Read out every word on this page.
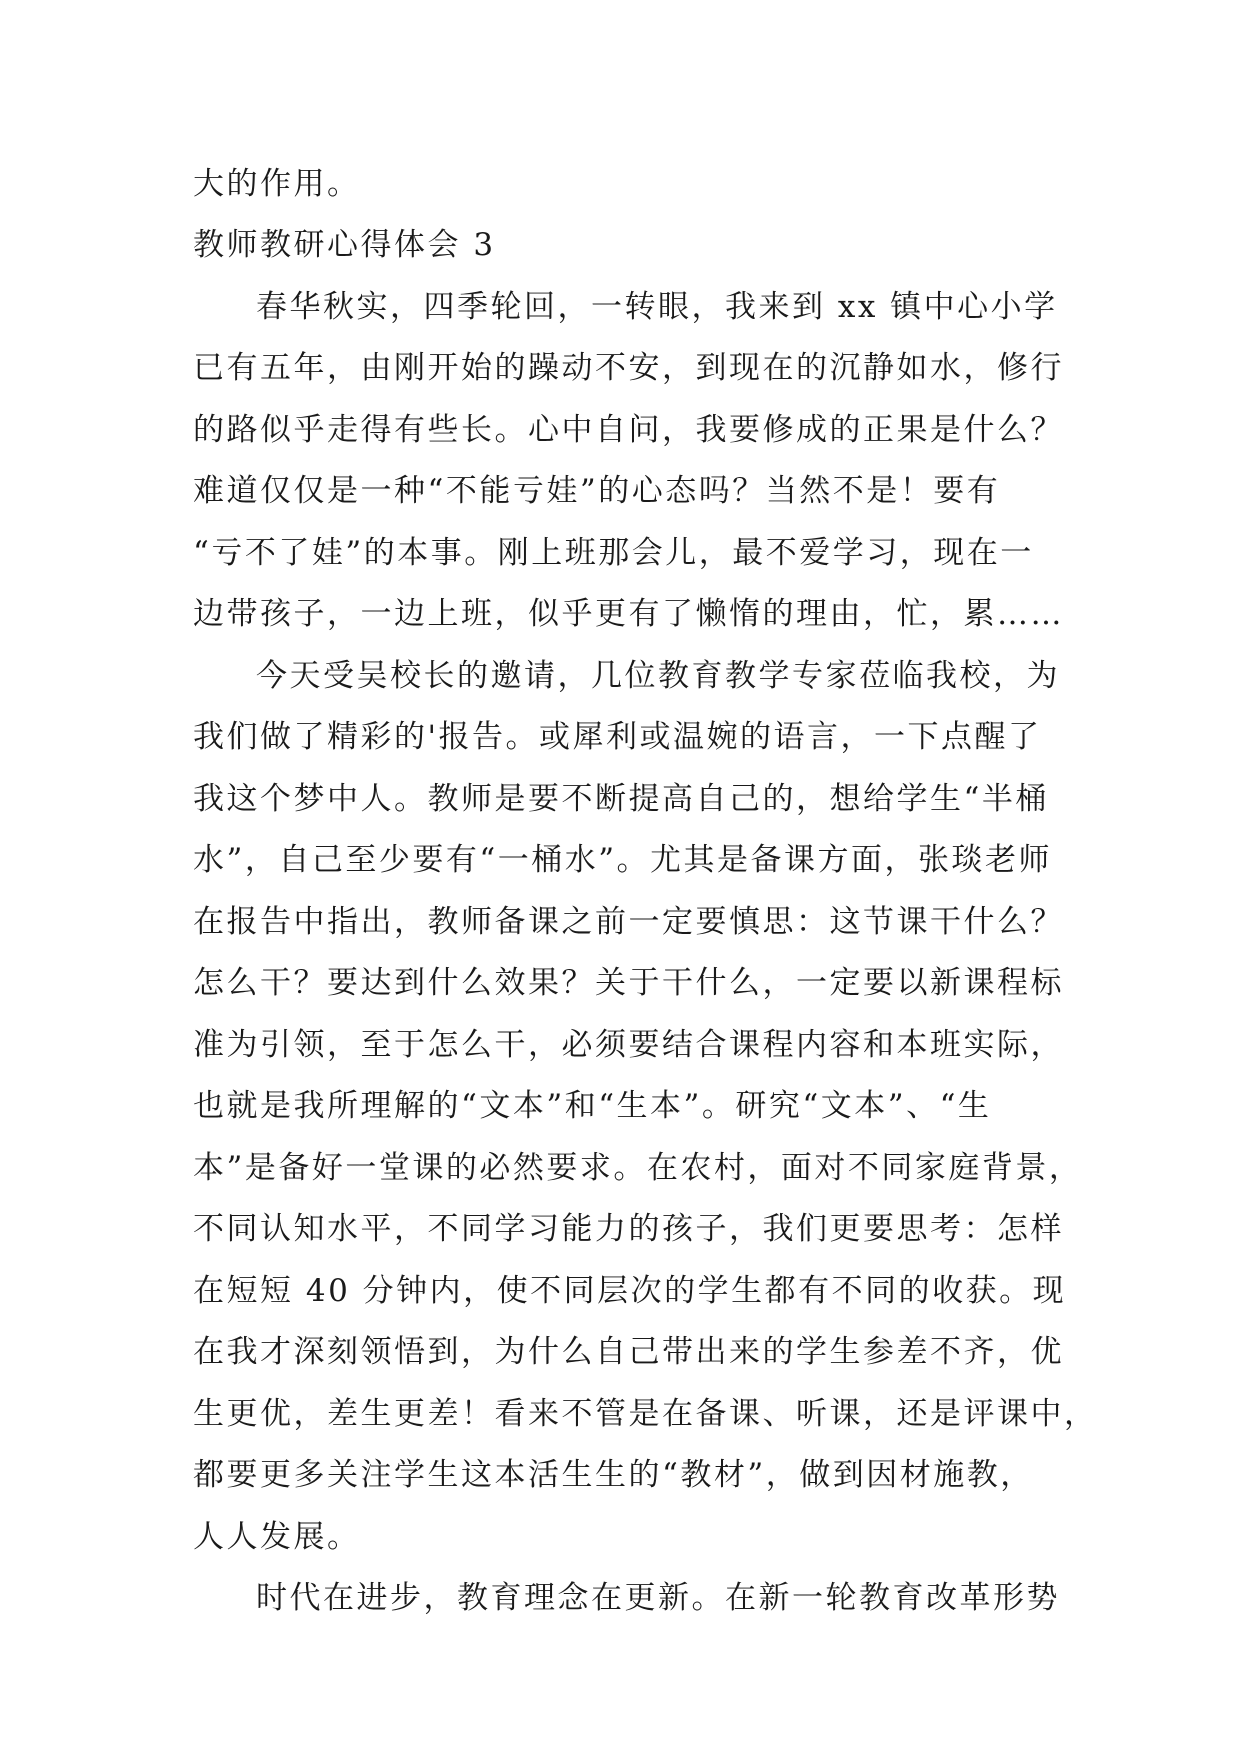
大的作用。

教师教研心得体会 3

春华秋实，四季轮回，一转眼，我来到 xx 镇中心小学

已有五年，由刚开始的躁动不安，到现在的沉静如水，修行

的路似乎走得有些长。心中自问，我要修成的正果是什么？

难道仅仅是一种“不能亏娃”的心态吗？当然不是！要有

“亏不了娃”的本事。刚上班那会儿，最不爱学习，现在一

边带孩子，一边上班，似乎更有了懒惰的理由，忙，累……

今天受吴校长的邀请，几位教育教学专家莅临我校，为

我们做了精彩的'报告。或犀利或温婉的语言，一下点醒了

我这个梦中人。教师是要不断提高自己的，想给学生“半桶

水”，自己至少要有“一桶水”。尤其是备课方面，张琰老师

在报告中指出，教师备课之前一定要慎思：这节课干什么？

怎么干？要达到什么效果？关于干什么，一定要以新课程标

准为引领，至于怎么干，必须要结合课程内容和本班实际，

也就是我所理解的“文本”和“生本”。研究“文本”、“生

本”是备好一堂课的必然要求。在农村，面对不同家庭背景，

不同认知水平，不同学习能力的孩子，我们更要思考：怎样

在短短 40 分钟内，使不同层次的学生都有不同的收获。现

在我才深刻领悟到，为什么自己带出来的学生参差不齐，优

生更优，差生更差！看来不管是在备课、听课，还是评课中，

都要更多关注学生这本活生生的“教材”，做到因材施教，

人人发展。

时代在进步，教育理念在更新。在新一轮教育改革形势
